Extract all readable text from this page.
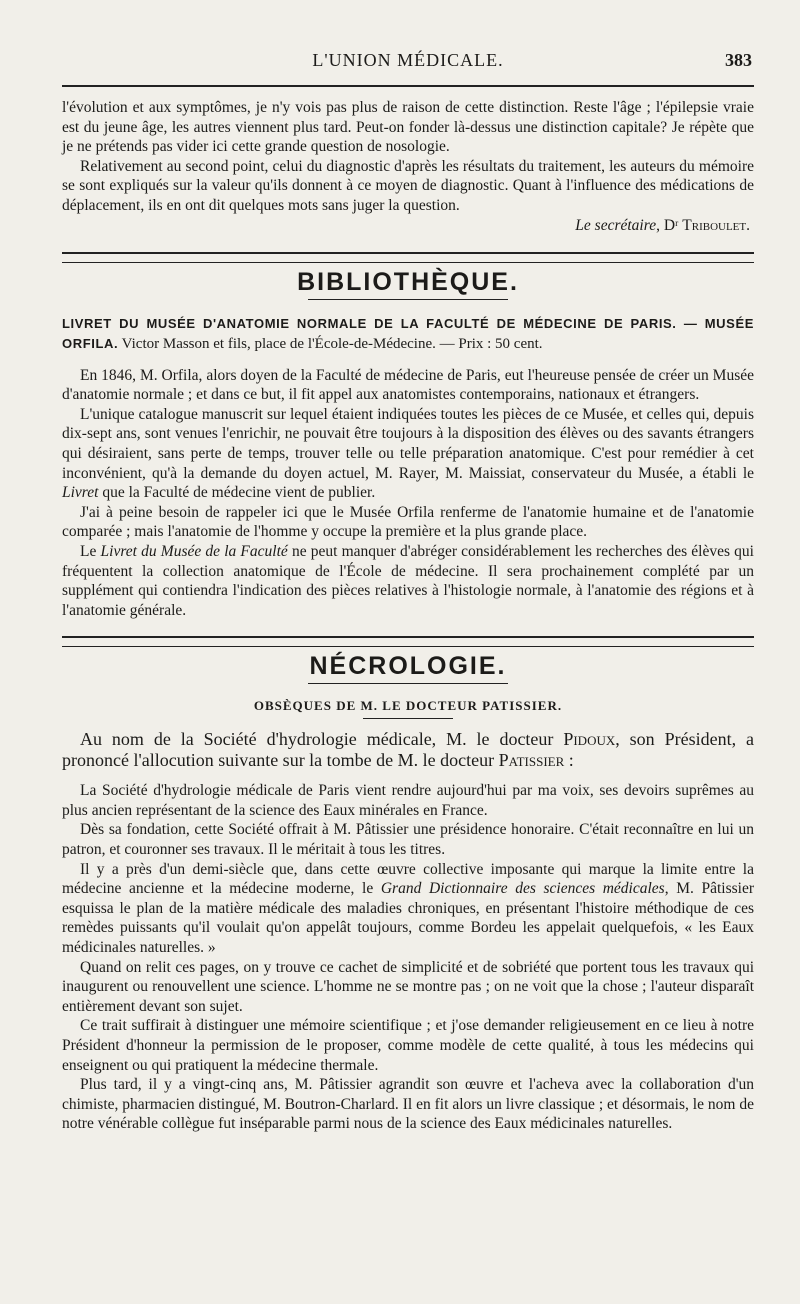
L'UNION MÉDICALE.	383

l'évolution et aux symptômes, je n'y vois pas plus de raison de cette distinction. Reste l'âge ; l'épilepsie vraie est du jeune âge, les autres viennent plus tard. Peut-on fonder là-dessus une distinction capitale? Je répète que je ne prétends pas vider ici cette grande question de nosologie.

Relativement au second point, celui du diagnostic d'après les résultats du traitement, les auteurs du mémoire se sont expliqués sur la valeur qu'ils donnent à ce moyen de diagnostic. Quant à l'influence des médications de déplacement, ils en ont dit quelques mots sans juger la question.

Le secrétaire, Dʳ Triboulet.
BIBLIOTHÈQUE.
LIVRET DU MUSÉE D'ANATOMIE NORMALE DE LA FACULTÉ DE MÉDECINE DE PARIS. — MUSÉE ORFILA. Victor Masson et fils, place de l'École-de-Médecine. — Prix : 50 cent.

En 1846, M. Orfila, alors doyen de la Faculté de médecine de Paris, eut l'heureuse pensée de créer un Musée d'anatomie normale ; et dans ce but, il fit appel aux anatomistes contemporains, nationaux et étrangers.

L'unique catalogue manuscrit sur lequel étaient indiquées toutes les pièces de ce Musée, et celles qui, depuis dix-sept ans, sont venues l'enrichir, ne pouvait être toujours à la disposition des élèves ou des savants étrangers qui désiraient, sans perte de temps, trouver telle ou telle préparation anatomique. C'est pour remédier à cet inconvénient, qu'à la demande du doyen actuel, M. Rayer, M. Maissiat, conservateur du Musée, a établi le Livret que la Faculté de médecine vient de publier.

J'ai à peine besoin de rappeler ici que le Musée Orfila renferme de l'anatomie humaine et de l'anatomie comparée ; mais l'anatomie de l'homme y occupe la première et la plus grande place.

Le Livret du Musée de la Faculté ne peut manquer d'abréger considérablement les recherches des élèves qui fréquentent la collection anatomique de l'École de médecine. Il sera prochainement complété par un supplément qui contiendra l'indication des pièces relatives à l'histologie normale, à l'anatomie des régions et à l'anatomie générale.

NÉCROLOGIE.
OBSÈQUES DE M. LE DOCTEUR PATISSIER.
Au nom de la Société d'hydrologie médicale, M. le docteur Pidoux, son Président, a prononcé l'allocution suivante sur la tombe de M. le docteur Patissier :

La Société d'hydrologie médicale de Paris vient rendre aujourd'hui par ma voix, ses devoirs suprêmes au plus ancien représentant de la science des Eaux minérales en France.

Dès sa fondation, cette Société offrait à M. Pâtissier une présidence honoraire. C'était reconnaître en lui un patron, et couronner ses travaux. Il le méritait à tous les titres.

Il y a près d'un demi-siècle que, dans cette œuvre collective imposante qui marque la limite entre la médecine ancienne et la médecine moderne, le Grand Dictionnaire des sciences médicales, M. Pâtissier esquissa le plan de la matière médicale des maladies chroniques, en présentant l'histoire méthodique de ces remèdes puissants qu'il voulait qu'on appelât toujours, comme Bordeu les appelait quelquefois, « les Eaux médicinales naturelles. »

Quand on relit ces pages, on y trouve ce cachet de simplicité et de sobriété que portent tous les travaux qui inaugurent ou renouvellent une science. L'homme ne se montre pas ; on ne voit que la chose ; l'auteur disparaît entièrement devant son sujet.

Ce trait suffirait à distinguer une mémoire scientifique ; et j'ose demander religieusement en ce lieu à notre Président d'honneur la permission de le proposer, comme modèle de cette qualité, à tous les médecins qui enseignent ou qui pratiquent la médecine thermale.

Plus tard, il y a vingt-cinq ans, M. Pâtissier agrandit son œuvre et l'acheva avec la collaboration d'un chimiste, pharmacien distingué, M. Boutron-Charlard. Il en fit alors un livre classique ; et désormais, le nom de notre vénérable collègue fut inséparable parmi nous de la science des Eaux médicinales naturelles.
